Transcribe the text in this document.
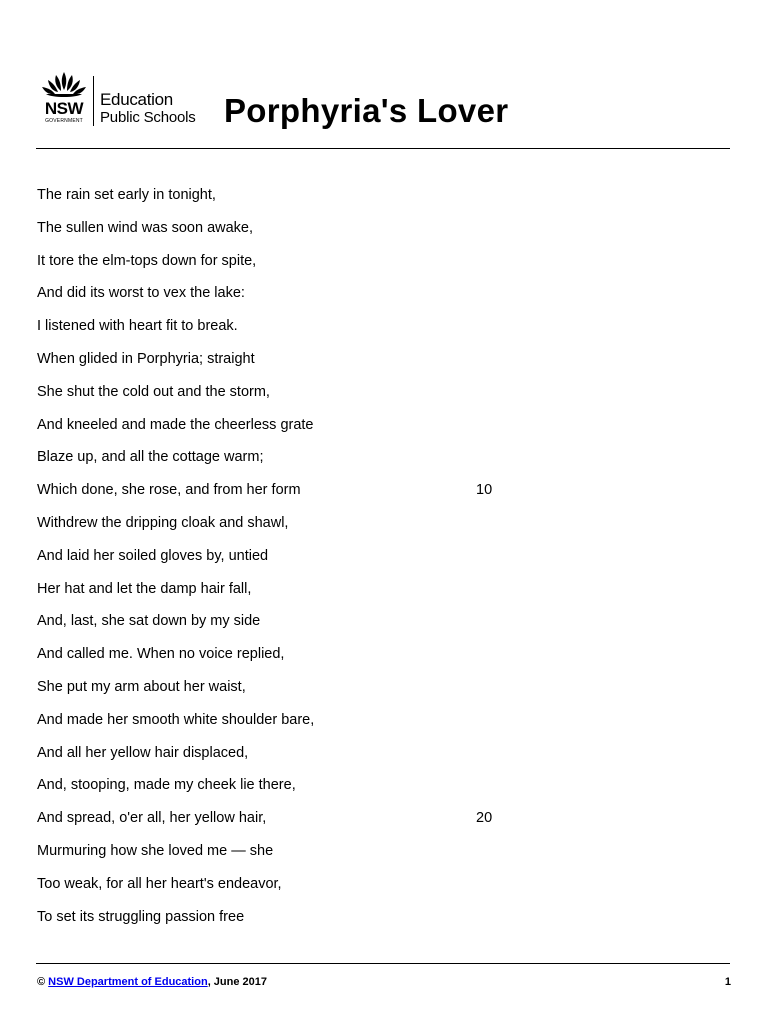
NSW
GOVERNMENT
Education
Public Schools Porphyria's Lover
The rain set early in tonight,
The sullen wind was soon awake,
It tore the elm-tops down for spite,
And did its worst to vex the lake:
I listened with heart fit to break.
When glided in Porphyria; straight
She shut the cold out and the storm,
And kneeled and made the cheerless grate
Blaze up, and all the cottage warm;
Which done, she rose, and from her form	10
Withdrew the dripping cloak and shawl,
And laid her soiled gloves by, untied
Her hat and let the damp hair fall,
And, last, she sat down by my side
And called me. When no voice replied,
She put my arm about her waist,
And made her smooth white shoulder bare,
And all her yellow hair displaced,
And, stooping, made my cheek lie there,
And spread, o'er all, her yellow hair,	20
Murmuring how she loved me — she
Too weak, for all her heart's endeavor,
To set its struggling passion free
© NSW Department of Education, June 2017	1
